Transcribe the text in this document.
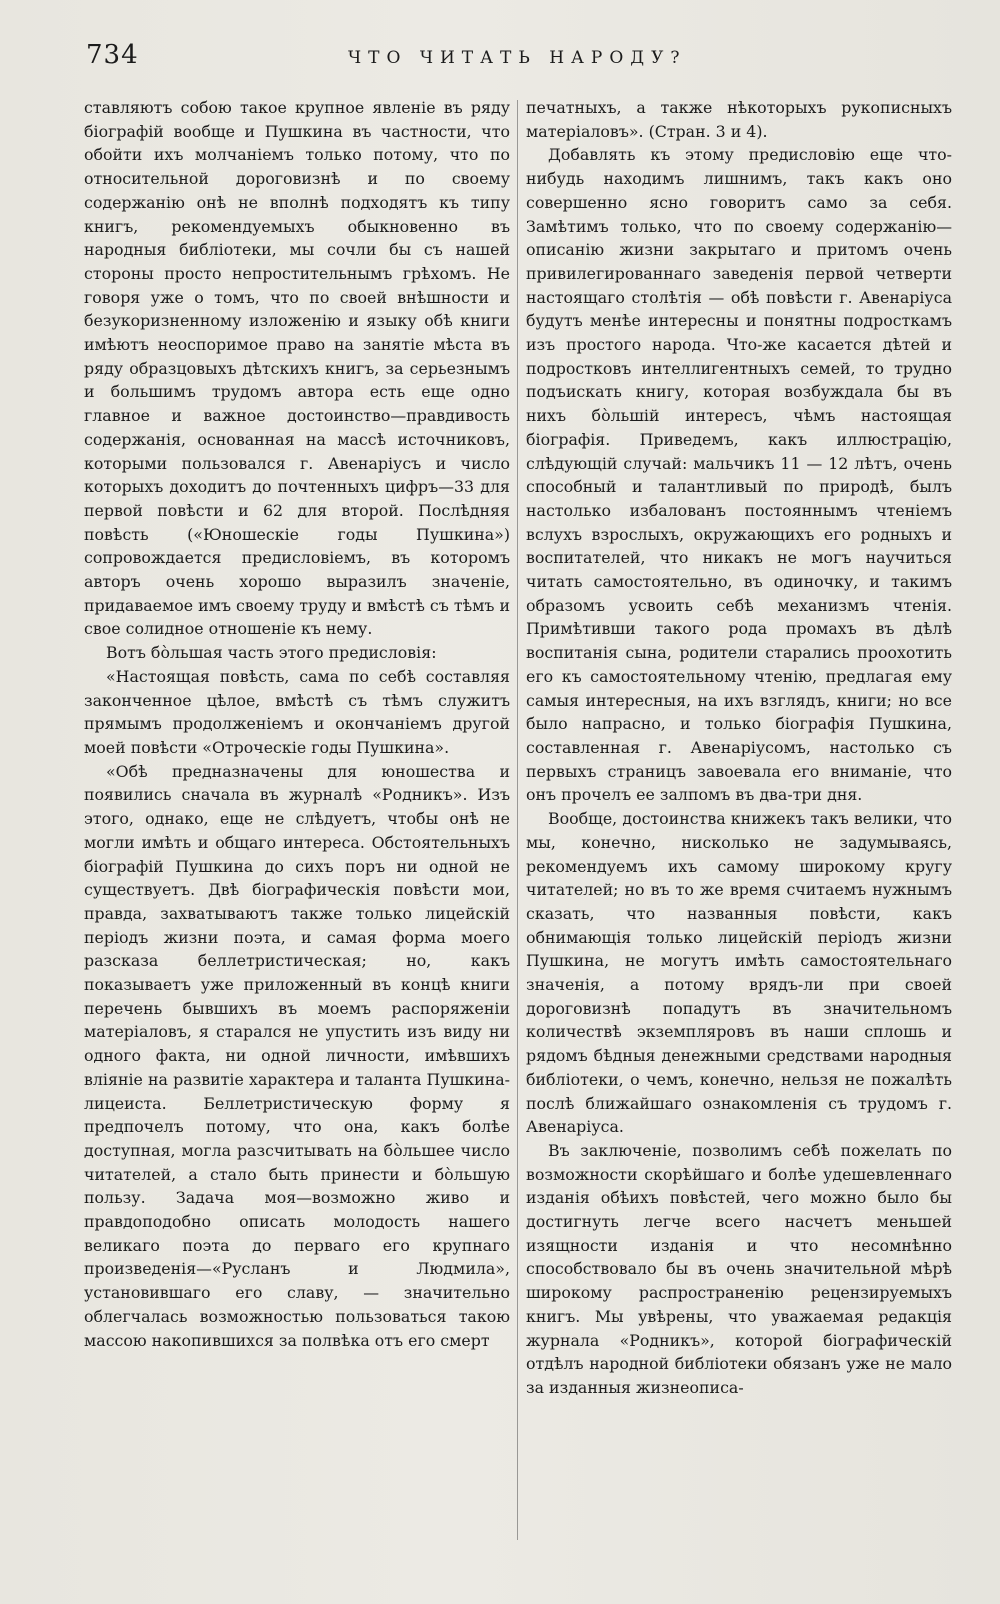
734	ЧТО ЧИТАТЬ НАРОДУ?

ставляютъ собою такое крупное явленіе въ ряду біографій вообще и Пушкина въ частности, что обойти ихъ молчаніемъ только потому, что по относительной дороговизнѣ и по своему содержанію онѣ не вполнѣ подходятъ къ типу книгъ, рекомендуемыхъ обыкновенно въ народныя библіотеки, мы сочли бы съ нашей стороны просто непростительнымъ грѣхомъ. Не говоря уже о томъ, что по своей внѣшности и безукоризненному изложенію и языку обѣ книги имѣютъ неоспоримое право на занятіе мѣста въ ряду образцовыхъ дѣтскихъ книгъ, за серьезнымъ и большимъ трудомъ автора есть еще одно главное и важное достоинство—правдивость содержанія, основанная на массѣ источниковъ, которыми пользовался г. Авенаріусъ и число которыхъ доходитъ до почтенныхъ цифръ—33 для первой повѣсти и 62 для второй. Послѣдняя повѣсть («Юношескіе годы Пушкина») сопровождается предисловіемъ, въ которомъ авторъ очень хорошо выразилъ значеніе, придаваемое имъ своему труду и вмѣстѣ съ тѣмъ и свое солидное отношеніе къ нему.

Вотъ бо̀льшая часть этого предисловія:

«Настоящая повѣсть, сама по себѣ составляя законченное цѣлое, вмѣстѣ съ тѣмъ служитъ прямымъ продолженіемъ и окончаніемъ другой моей повѣсти «Отроческіе годы Пушкина».

«Обѣ предназначены для юношества и появились сначала въ журналѣ «Родникъ». Изъ этого, однако, еще не слѣдуетъ, чтобы онѣ не могли имѣть и общаго интереса. Обстоятельныхъ біографій Пушкина до сихъ поръ ни одной не существуетъ. Двѣ біографическія повѣсти мои, правда, захватываютъ также только лицейскій періодъ жизни поэта, и самая форма моего разсказа беллетристическая; но, какъ показываетъ уже приложенный въ концѣ книги перечень бывшихъ въ моемъ распоряженіи матеріаловъ, я старался не упустить изъ виду ни одного факта, ни одной личности, имѣвшихъ вліяніе на развитіе характера и таланта Пушкина-лицеиста. Беллетристическую форму я предпочелъ потому, что она, какъ болѣе доступная, могла разсчитывать на бо̀льшее число читателей, а стало быть принести и бо̀льшую пользу. Задача моя—возможно живо и правдоподобно описать молодость нашего великаго поэта до перваго его крупнаго произведенія—«Русланъ и Людмила», установившаго его славу, — значительно облегчалась возможностью пользоваться такою массою накопившихся за полвѣка отъ его смерт

печатныхъ, а также нѣкоторыхъ рукописныхъ матеріаловъ». (Стран. 3 и 4).

Добавлять къ этому предисловію еще что-нибудь находимъ лишнимъ, такъ какъ оно совершенно ясно говоритъ само за себя. Замѣтимъ только, что по своему содержанію—описанію жизни закрытаго и притомъ очень привилегированнаго заведенія первой четверти настоящаго столѣтія — обѣ повѣсти г. Авенаріуса будутъ менѣе интересны и понятны подросткамъ изъ простого народа. Что-же касается дѣтей и подростковъ интеллигентныхъ семей, то трудно подъискать книгу, которая возбуждала бы въ нихъ бо̀льшій интересъ, чѣмъ настоящая біографія. Приведемъ, какъ иллюстрацію, слѣдующій случай: мальчикъ 11 — 12 лѣтъ, очень способный и талантливый по природѣ, былъ настолько избалованъ постояннымъ чтеніемъ вслухъ взрослыхъ, окружающихъ его родныхъ и воспитателей, что никакъ не могъ научиться читать самостоятельно, въ одиночку, и такимъ образомъ усвоить себѣ механизмъ чтенія. Примѣтивши такого рода промахъ въ дѣлѣ воспитанія сына, родители старались проохотить его къ самостоятельному чтенію, предлагая ему самыя интересныя, на ихъ взглядъ, книги; но все было напрасно, и только біографія Пушкина, составленная г. Авенаріусомъ, настолько съ первыхъ страницъ завоевала его вниманіе, что онъ прочелъ ее залпомъ въ два-три дня.

Вообще, достоинства книжекъ такъ велики, что мы, конечно, нисколько не задумываясь, рекомендуемъ ихъ самому широкому кругу читателей; но въ то же время считаемъ нужнымъ сказать, что названныя повѣсти, какъ обнимающія только лицейскій періодъ жизни Пушкина, не могутъ имѣть самостоятельнаго значенія, а потому врядъ-ли при своей дороговизнѣ попадутъ въ значительномъ количествѣ экземпляровъ въ наши сплошь и рядомъ бѣдныя денежными средствами народныя библіотеки, о чемъ, конечно, нельзя не пожалѣть послѣ ближайшаго ознакомленія съ трудомъ г. Авенаріуса.

Въ заключеніе, позволимъ себѣ пожелать по возможности скорѣйшаго и болѣе удешевленнаго изданія обѣихъ повѣстей, чего можно было бы достигнуть легче всего насчетъ меньшей изящности изданія и что несомнѣнно способствовало бы въ очень значительной мѣрѣ широкому распространенію рецензируемыхъ книгъ. Мы увѣрены, что уважаемая редакція журнала «Родникъ», которой біографическій отдѣлъ народной библіотеки обязанъ уже не мало за изданныя жизнеописа-
